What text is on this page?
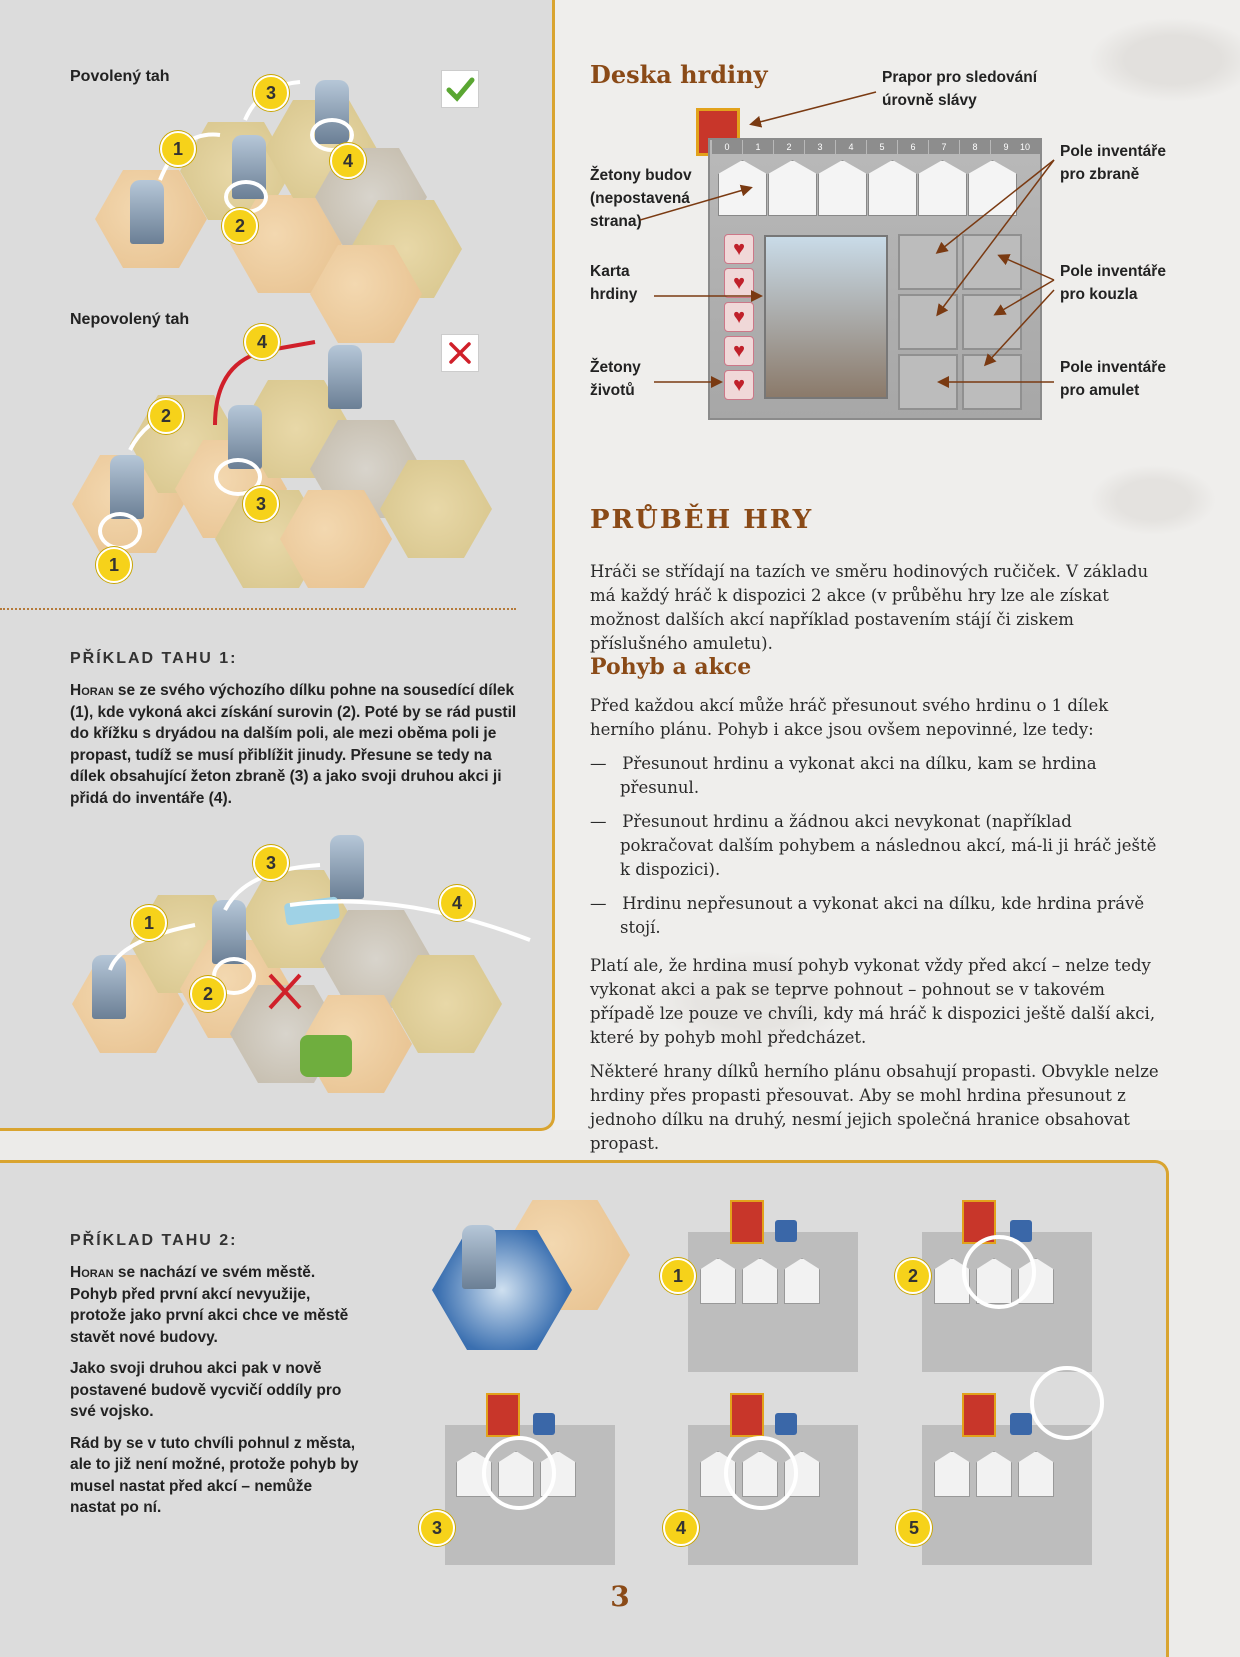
Povolený tah
1
2
3
4
Nepovolený tah
4
2
3
1
PŘÍKLAD TAHU 1:

Horan se ze svého výchozího dílku pohne na sousedící dílek (1), kde vykoná akci získání surovin (2). Poté by se rád pustil do křížku s dryádou na dalším poli, ale mezi oběma poli je propast, tudíž se musí přiblížit jinudy. Přesune se tedy na dílek obsahující žeton zbraně (3) a jako svoji druhou akci ji přidá do inventáře (4).

1
2
3
4
Deska hrdiny	Prapor pro sledování
úrovně slávy
Žetony budov
(nepostavená
strana)
Karta
hrdiny
Žetony
životů
Pole inventáře
pro zbraně
Pole inventáře
pro kouzla
Pole inventáře
pro amulet
0	1	2	3	4	5	6	7	8	9	10
♥
♥
♥
♥
♥
PRŮBĚH HRY

Hráči se střídají na tazích ve směru hodinových ručiček. V základu má každý hráč k dispozici 2 akce (v průběhu hry lze ale získat možnost dalších akcí například postavením stájí či ziskem příslušného amuletu).

Pohyb a akce

Před každou akcí může hráč přesunout svého hrdinu o 1 dílek herního plánu. Pohyb i akce jsou ovšem nepovinné, lze tedy:

—   Přesunout hrdinu a vykonat akci na dílku, kam se hrdina přesunul.

—   Přesunout hrdinu a žádnou akci nevykonat (například pokračovat dalším pohybem a následnou akcí, má-li ji hráč ještě k dispozici).

—   Hrdinu nepřesunout a vykonat akci na dílku, kde hrdina právě stojí.

Platí ale, že hrdina musí pohyb vykonat vždy před akcí – nelze tedy vykonat akci a pak se teprve pohnout – pohnout se v takovém případě lze pouze ve chvíli, kdy má hráč k dispozici ještě další akci, které by pohyb mohl předcházet.

Některé hrany dílků herního plánu obsahují propasti. Obvykle nelze hrdiny přes propasti přesouvat. Aby se mohl hrdina přesunout z jednoho dílku na druhý, nesmí jejich společná hranice obsahovat propast.

PŘÍKLAD TAHU 2:

Horan se nachází ve svém městě. Pohyb před první akcí nevyužije, protože jako první akci chce ve městě stavět nové budovy.

Jako svoji druhou akci pak v nově postavené budově vycvičí oddíly pro své vojsko.

Rád by se v tuto chvíli pohnul z města, ale to již není možné, protože pohyb by musel nastat před akcí – nemůže nastat po ní.

1	2
3	4	5
3
